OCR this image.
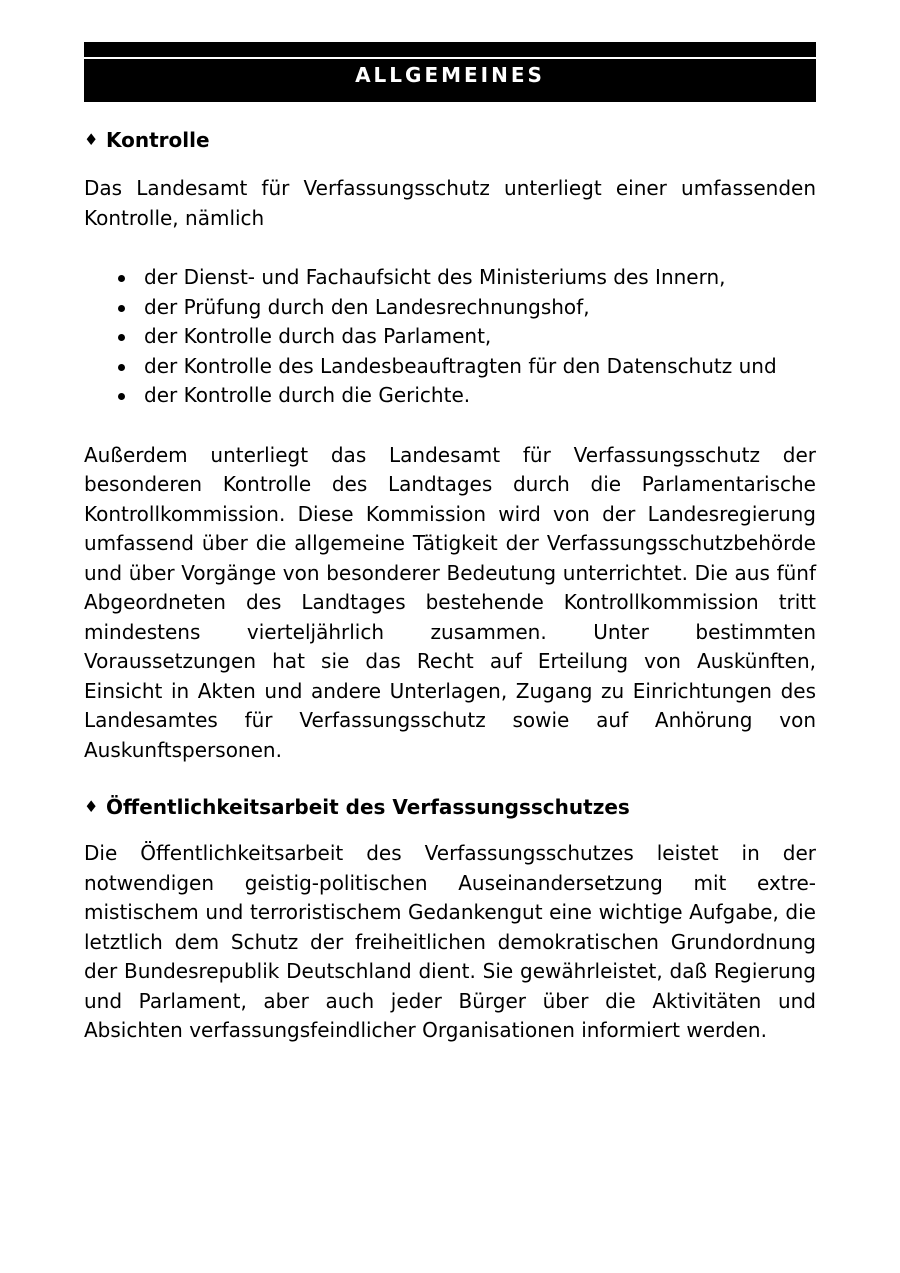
ALLGEMEINES
♦ Kontrolle

Das Landesamt für Verfassungsschutz unterliegt einer umfassenden Kontrolle, nämlich

der Dienst- und Fachaufsicht des Ministeriums des Innern,
der Prüfung durch den Landesrechnungshof,
der Kontrolle durch das Parlament,
der Kontrolle des Landesbeauftragten für den Datenschutz und
der Kontrolle durch die Gerichte.

Außerdem unterliegt das Landesamt für Verfassungsschutz der besonderen Kontrolle des Landtages durch die Parlamentarische Kontrollkommission. Diese Kommission wird von der Landesregierung umfassend über die allgemeine Tätigkeit der Verfassungsschutzbehörde und über Vorgänge von besonderer Bedeutung unterrichtet. Die aus fünf Abgeordneten des Landtages bestehende Kontrollkommission tritt mindestens vierteljährlich zusammen. Unter bestimmten Voraussetzungen hat sie das Recht auf Erteilung von Auskünften, Einsicht in Akten und andere Unterlagen, Zugang zu Einrichtungen des Landesamtes für Verfassungsschutz sowie auf Anhörung von Auskunftspersonen.

♦ Öffentlichkeitsarbeit des Verfassungsschutzes

Die Öffentlichkeitsarbeit des Verfassungsschutzes leistet in der notwendigen geistig-politischen Auseinandersetzung mit extremistischem und terroristischem Gedankengut eine wichtige Aufgabe, die letztlich dem Schutz der freiheitlichen demokratischen Grundordnung der Bundesrepublik Deutschland dient. Sie gewährleistet, daß Regierung und Parlament, aber auch jeder Bürger über die Aktivitäten und Absichten verfassungsfeindlicher Organisationen informiert werden.
